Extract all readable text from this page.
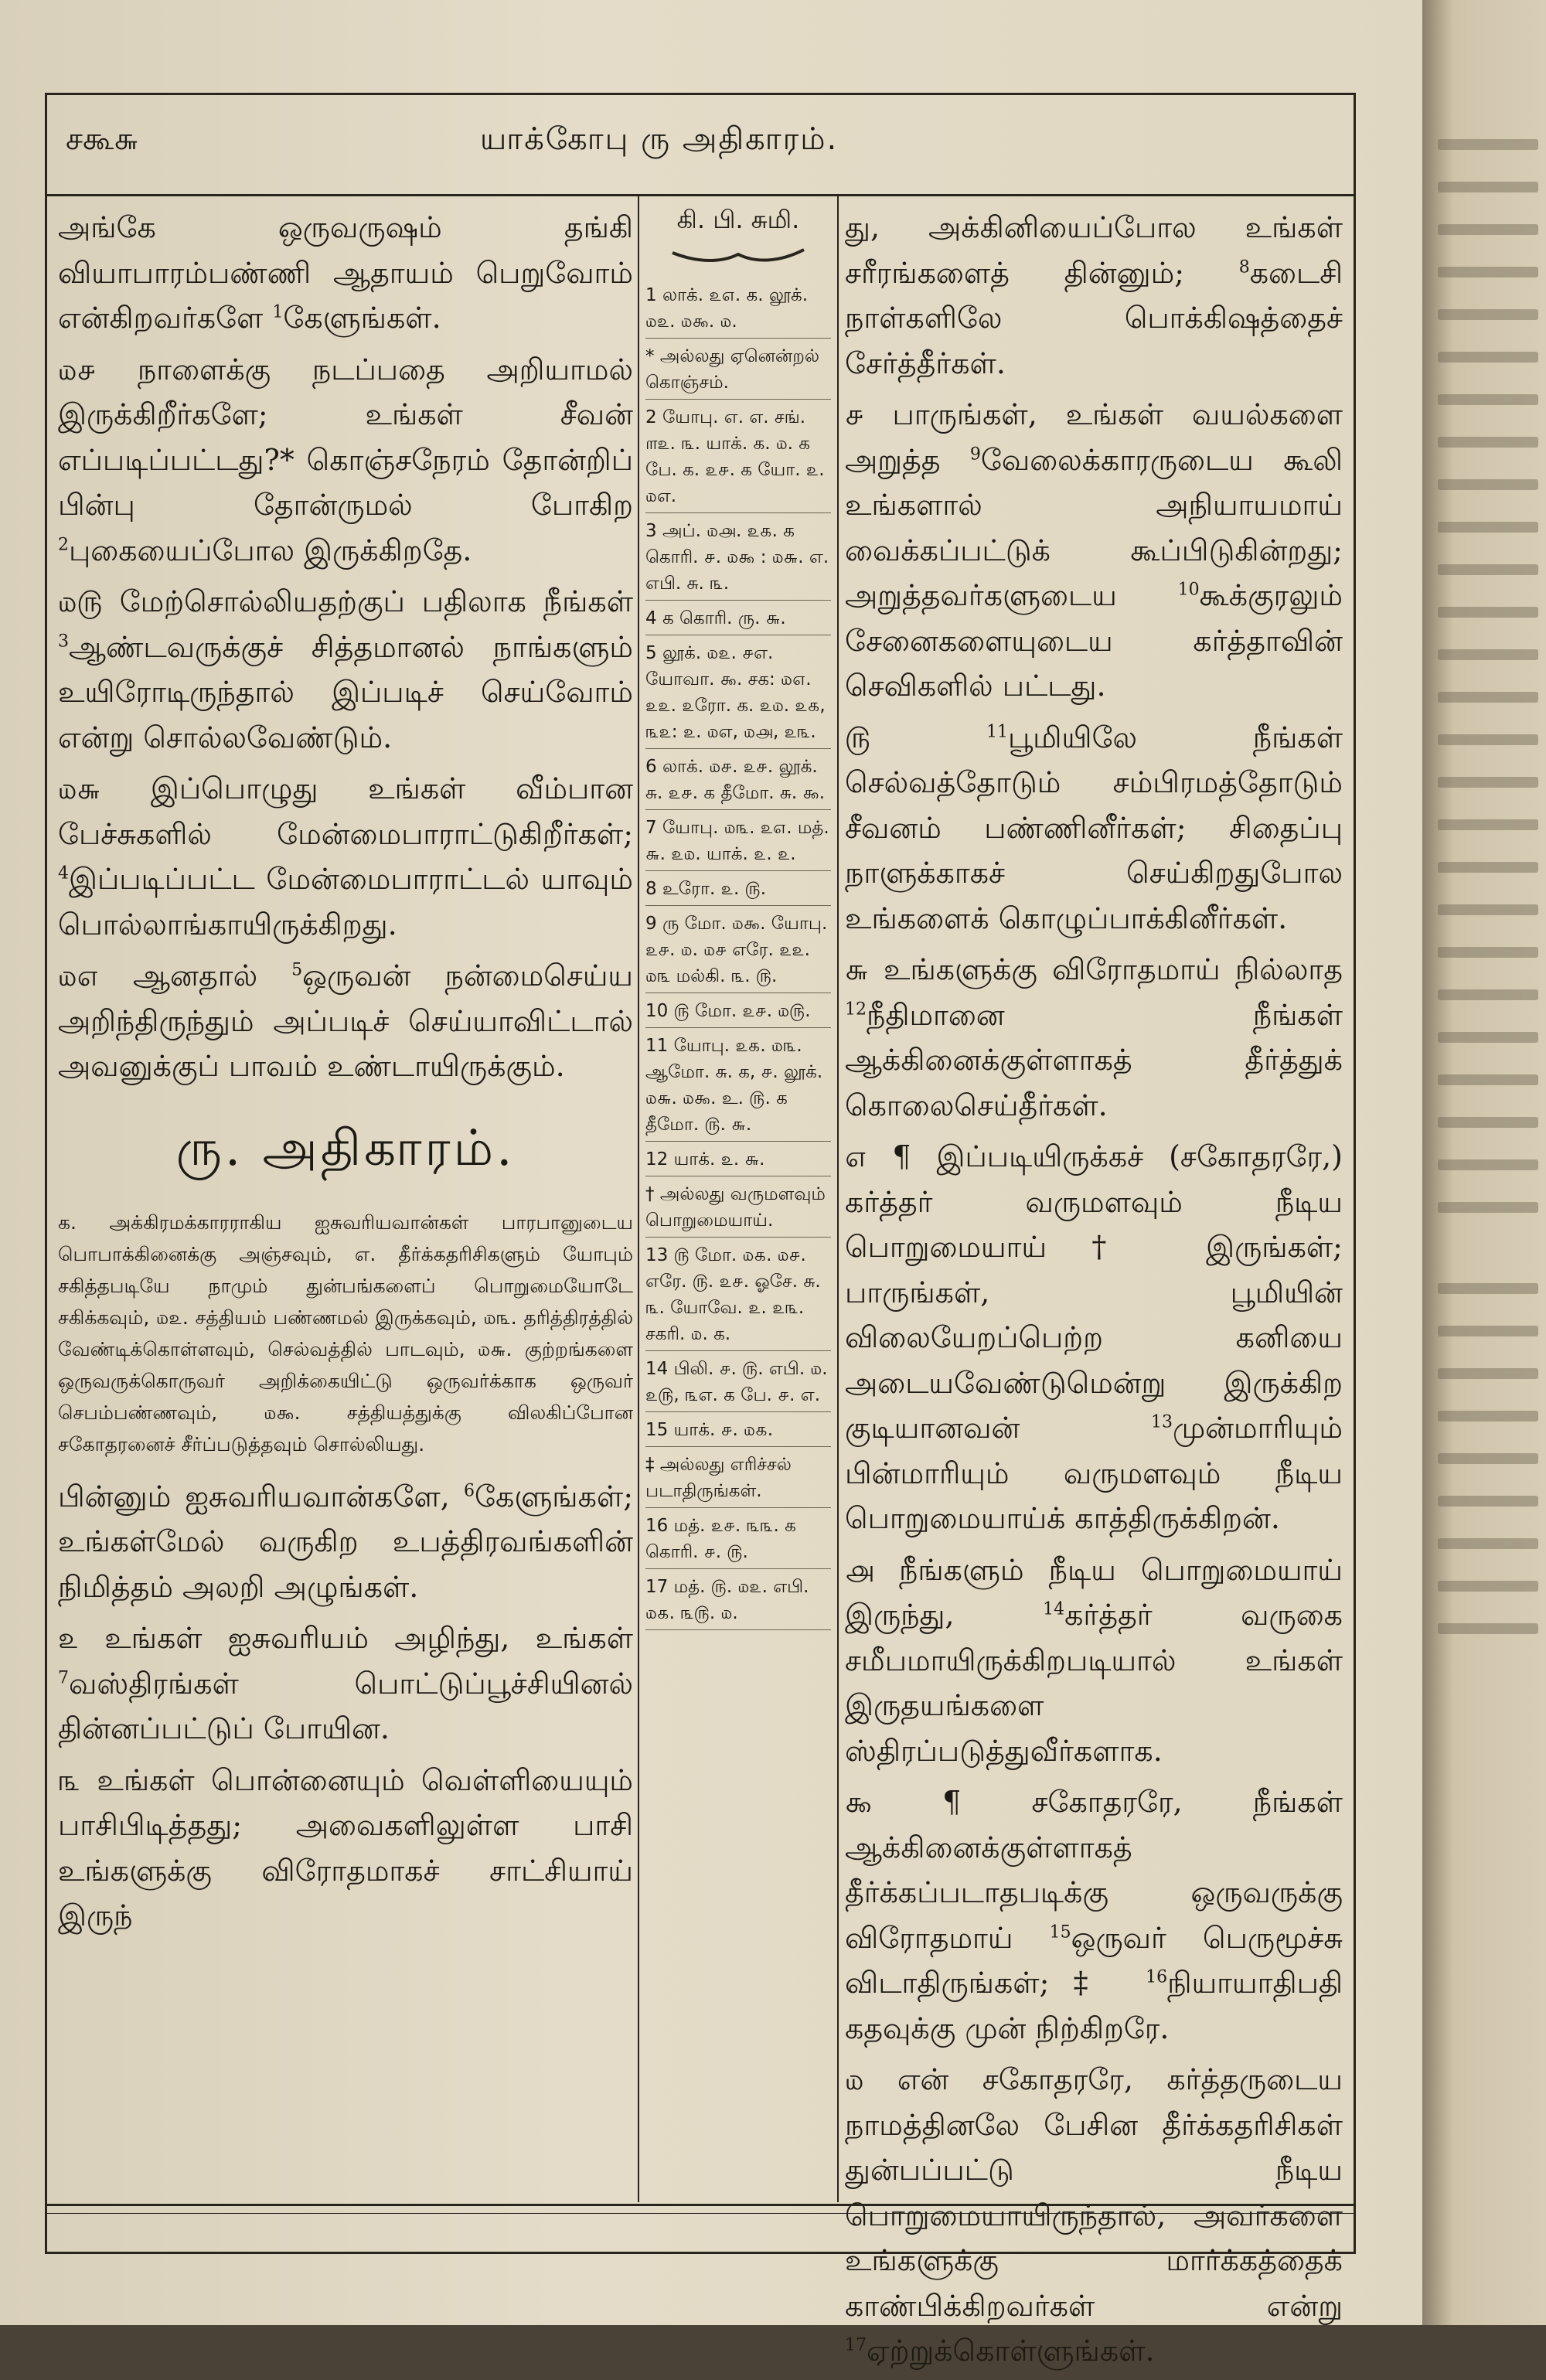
சகூ௬	யாக்கோபு ரு அதிகாரம்.

அங்கே ஒருவருஷம் தங்கி வியாபாரம்பண்ணி ஆதாயம் பெறுவோம் என்கிறவர்களே $^1$கேளுங்கள்.

௰௪ நாளைக்கு நடப்பதை அறியாமல் இருக்கிறீர்களே; உங்கள் சீவன் எப்படிப்பட்டது?* கொஞ்சநேரம் தோன்றிப் பின்பு தோன்ருமல் போகிற $^2$புகையைப்போல இருக்கிறதே.

௰௫ மேற்சொல்லியதற்குப் பதிலாக நீங்கள் $^3$ஆண்டவருக்குச் சித்தமானல் நாங்களும் உயிரோடிருந்தால் இப்படிச் செய்வோம் என்று சொல்லவேண்டும்.

௰௬ இப்பொழுது உங்கள் வீம்பான பேச்சுகளில் மேன்மைபாராட்டுகிறீர்கள்; $^4$இப்படிப்பட்ட மேன்மைபாராட்டல் யாவும் பொல்லாங்காயிருக்கிறது.

௰௭ ஆனதால் $^5$ஒருவன் நன்மைசெய்ய அறிந்திருந்தும் அப்படிச் செய்யாவிட்டால் அவனுக்குப் பாவம் உண்டாயிருக்கும்.

ரு. அதிகாரம்.
க. அக்கிரமக்காரராகிய ஐசுவரியவான்கள் பாரபானுடைய பொபாக்கினைக்கு அஞ்சவும், எ. தீர்க்கதரிசிகளும் யோபும் சகித்தபடியே நாமும் துன்பங்களைப் பொறுமையோடே சகிக்கவும், ௰௨. சத்தியம் பண்ணமல் இருக்கவும், ௰௩. தரித்திரத்தில் வேண்டிக்கொள்ளவும், செல்வத்தில் பாடவும், ௰௬. குற்றங்களை ஒருவருக்கொருவர் அறிக்கையிட்டு ஒருவர்க்காக ஒருவர் செபம்பண்ணவும், ௰௯. சத்தியத்துக்கு விலகிப்போன சகோதரனைச் சீர்ப்படுத்தவும் சொல்லியது.

பின்னும் ஐசுவரியவான்களே, $^6$கேளுங்கள்; உங்கள்மேல் வருகிற உபத்திரவங்களின் நிமித்தம் அலறி அழுங்கள்.

௨ உங்கள் ஐசுவரியம் அழிந்து, உங்கள் $^7$வஸ்திரங்கள் பொட்டுப்பூச்சியினல் தின்னப்பட்டுப் போயின.

௩ உங்கள் பொன்னையும் வெள்ளியையும் பாசிபிடித்தது; அவைகளிலுள்ள பாசி உங்களுக்கு விரோதமாகச் சாட்சியாய் இருந்

கி. பி. சுமி.

1 லாக். ௨௭. க. லூக். ௰௨. ௰௯. ௰.

* அல்லது ஏனென்றல் கொஞ்சம்.

2 யோபு. எ. எ. சங். ௱௨. ௩. யாக். க. ௰. க பே. க. ௨௪. க யோ. ௨. ௰எ.

3 அப். ௰௮. ௨௧. க கொரி. ௪. ௰௯ : ௰௬. எ. எபி. சு. ௩.

4 க கொரி. ரு. ௬.

5 லூக். ௰௨. ௪எ. யோவா. ௯. சக: ௰௭. ௨௨. ௨ரோ. க. ௨௰. ௨௧, ௩௨: ௨. ௰எ, ௰௮, ௨௩.

6 லாக். ௰௪. ௨௪. லூக். சு. ௨௪. க தீமோ. சு. ௯.

7 யோபு. ௰௩. ௨௭. மத். ௬. ௨௰. யாக். ௨. ௨.

8 உரோ. ௨. ௫.

9 ரு மோ. ௰௯. யோபு. ௨௪. ௰. ௰௪ எரே. ௨௨. ௰௩ மல்கி. ௩. ௫.

10 ௫ மோ. ௨௪. ௰௫.

11 யோபு. ௨௧. ௰௩. ஆமோ. சு. க, ௪. லூக். ௰௬. ௰௯. உ. ௫. க தீமோ. ௫. ௬.

12 யாக். ௨. ௬.

† அல்லது வருமளவும் பொறுமையாய்.

13 ௫ மோ. ௰௧. ௰௪. எரே. ௫. ௨௪. ஓசே. சு. ௩. யோவே. ௨. ௨௩. சகரி. ௰. க.

14 பிலி. ௪. ௫. எபி. ௰. ௨௫, ௩எ. க பே. ௪. எ.

15 யாக். ௪. ௰௧.

‡ அல்லது எரிச்சல் படாதிருங்கள்.

16 மத். ௨௪. ௩௩. க கொரி. ௪. ௫.

17 மத். ௫. ௰௨. எபி. ௰௧. ௩௫. ௰.

து, அக்கினியைப்போல உங்கள் சரீரங்களைத் தின்னும்; $^8$கடைசி நாள்களிலே பொக்கிஷத்தைச் சேர்த்தீர்கள்.

௪ பாருங்கள், உங்கள் வயல்களை அறுத்த $^9$வேலைக்காரருடைய கூலி உங்களால் அநியாயமாய் வைக்கப்பட்டுக் கூப்பிடுகின்றது; அறுத்தவர்களுடைய $^{10}$கூக்குரலும் சேனைகளையுடைய கர்த்தாவின் செவிகளில் பட்டது.

௫ $^{11}$பூமியிலே நீங்கள் செல்வத்தோடும் சம்பிரமத்தோடும் சீவனம் பண்ணினீர்கள்; சிதைப்பு நாளுக்காகச் செய்கிறதுபோல உங்களைக் கொழுப்பாக்கினீர்கள்.

௬ உங்களுக்கு விரோதமாய் நில்லாத $^{12}$நீதிமானை நீங்கள் ஆக்கினைக்குள்ளாகத் தீர்த்துக் கொலைசெய்தீர்கள்.

௭ ¶ இப்படியிருக்கச் (சகோதரரே,) கர்த்தர் வருமளவும் நீடிய பொறுமையாய்† இருங்கள்; பாருங்கள், பூமியின் விலையேறப்பெற்ற கனியை அடையவேண்டுமென்று இருக்கிற குடியானவன் $^{13}$முன்மாரியும் பின்மாரியும் வருமளவும் நீடிய பொறுமையாய்க் காத்திருக்கிறன்.

௮ நீங்களும் நீடிய பொறுமையாய் இருந்து, $^{14}$கர்த்தர் வருகை சமீபமாயிருக்கிறபடியால் உங்கள் இருதயங்களை ஸ்திரப்படுத்துவீர்களாக.

௯ ¶ சகோதரரே, நீங்கள் ஆக்கினைக்குள்ளாகத் தீர்க்கப்படாதபடிக்கு ஒருவருக்கு விரோதமாய் $^{15}$ஒருவர் பெருமூச்சு விடாதிருங்கள்;‡ $^{16}$நியாயாதிபதி கதவுக்கு முன் நிற்கிறரே.

௰ என் சகோதரரே, கர்த்தருடைய நாமத்தினலே பேசின தீர்க்கதரிசிகள் துன்பப்பட்டு நீடிய பொறுமையாயிருந்தால், அவர்களை உங்களுக்கு மார்க்கத்தைக் காண்பிக்கிறவர்கள் என்று $^{17}$ஏற்றுக்கொள்ளுங்கள்.
